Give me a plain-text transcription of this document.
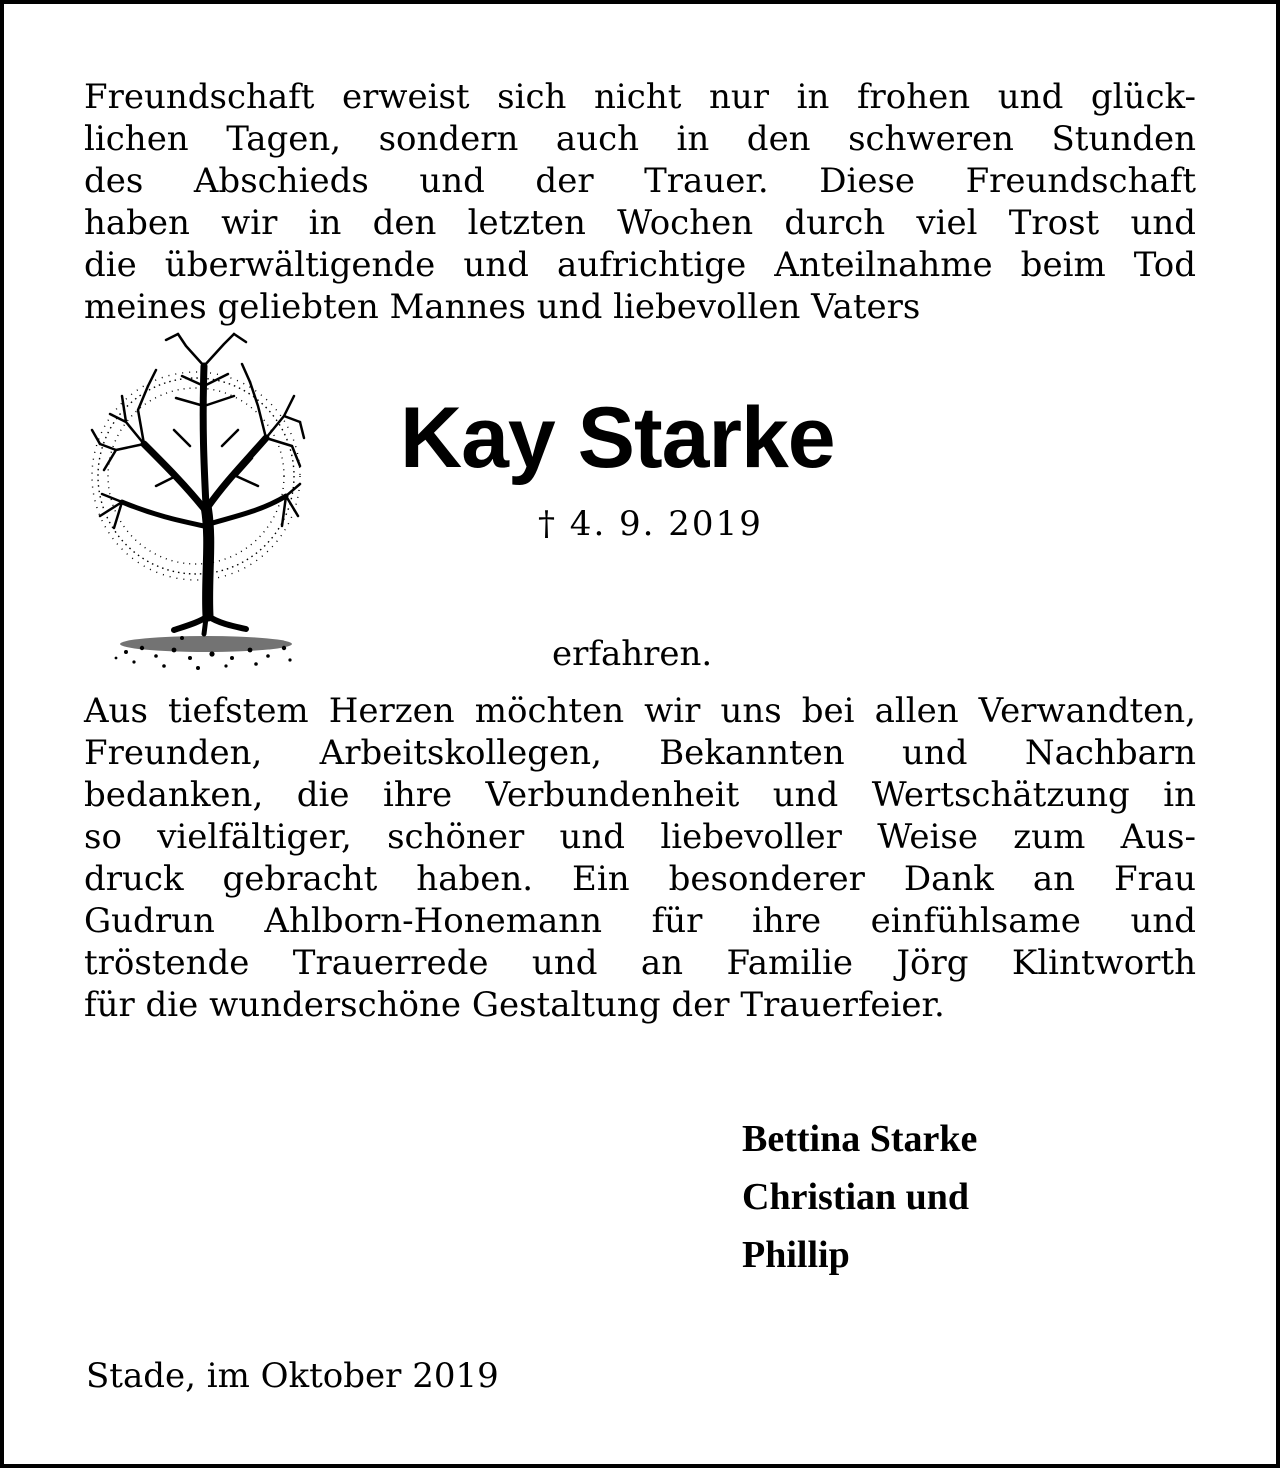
Freundschaft erweist sich nicht nur in frohen und glück-
lichen Tagen, sondern auch in den schweren Stunden
des Abschieds und der Trauer. Diese Freundschaft
haben wir in den letzten Wochen durch viel Trost und
die überwältigende und aufrichtige Anteilnahme beim Tod
meines geliebten Mannes und liebevollen Vaters
Kay Starke
† 4. 9. 2019
erfahren.
Aus tiefstem Herzen möchten wir uns bei allen Verwandten,
Freunden, Arbeitskollegen, Bekannten und Nachbarn
bedanken, die ihre Verbundenheit und Wertschätzung in
so vielfältiger, schöner und liebevoller Weise zum Aus-
druck gebracht haben. Ein besonderer Dank an Frau
Gudrun Ahlborn-Honemann für ihre einfühlsame und
tröstende Trauerrede und an Familie Jörg Klintworth
für die wunderschöne Gestaltung der Trauerfeier.
Bettina Starke
Christian und
Phillip
Stade, im Oktober 2019
